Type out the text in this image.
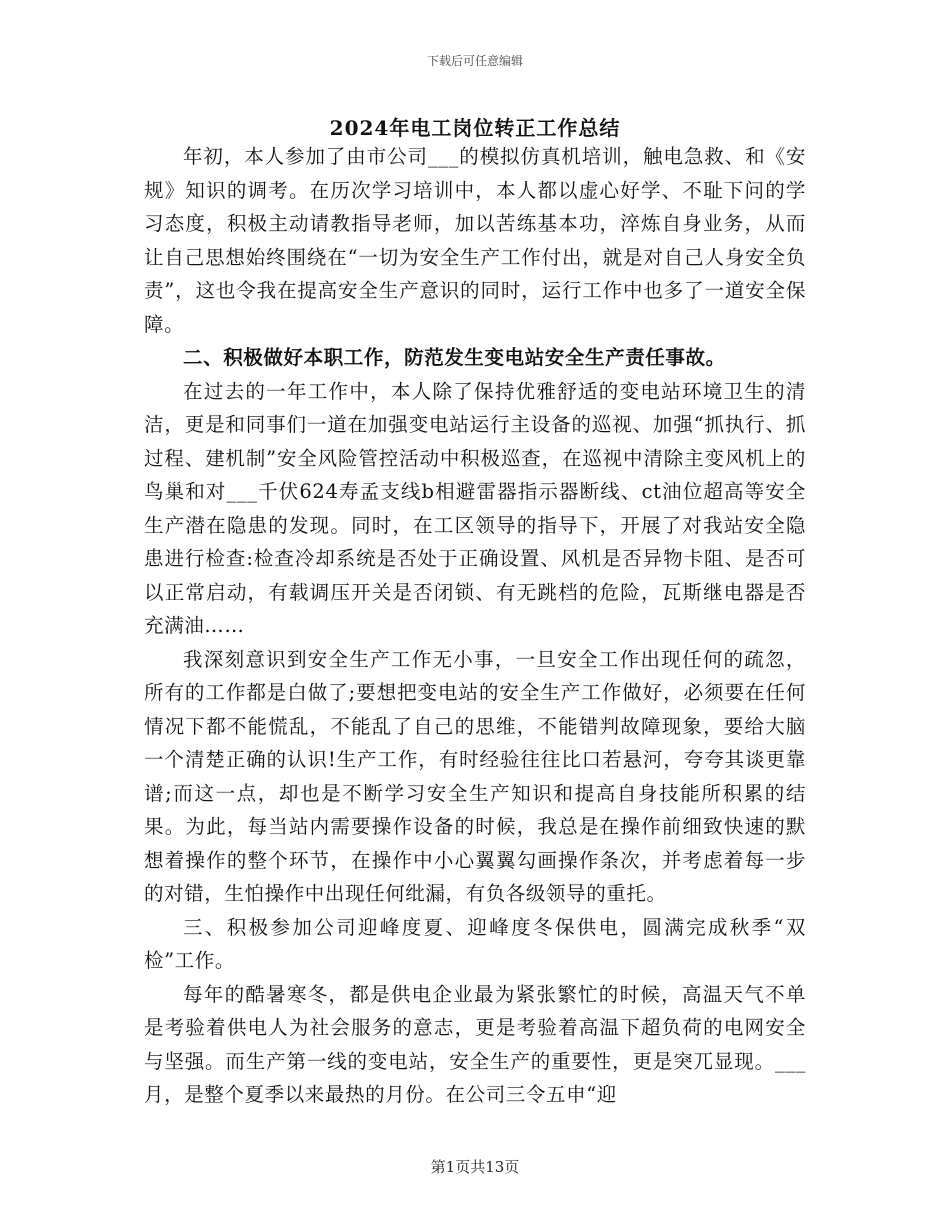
下载后可任意编辑
2024年电工岗位转正工作总结

年初，本人参加了由市公司___的模拟仿真机培训，触电急救、和《安规》知识的调考。在历次学习培训中，本人都以虚心好学、不耻下问的学习态度，积极主动请教指导老师，加以苦练基本功，淬炼自身业务，从而让自己思想始终围绕在“一切为安全生产工作付出，就是对自己人身安全负责”，这也令我在提高安全生产意识的同时，运行工作中也多了一道安全保障。

二、积极做好本职工作，防范发生变电站安全生产责任事故。

在过去的一年工作中，本人除了保持优雅舒适的变电站环境卫生的清洁，更是和同事们一道在加强变电站运行主设备的巡视、加强“抓执行、抓过程、建机制”安全风险管控活动中积极巡查，在巡视中清除主变风机上的鸟巢和对___千伏624寿孟支线b相避雷器指示器断线、ct油位超高等安全生产潜在隐患的发现。同时，在工区领导的指导下，开展了对我站安全隐患进行检查:检查冷却系统是否处于正确设置、风机是否异物卡阻、是否可以正常启动，有载调压开关是否闭锁、有无跳档的危险，瓦斯继电器是否充满油……

我深刻意识到安全生产工作无小事，一旦安全工作出现任何的疏忽，所有的工作都是白做了;要想把变电站的安全生产工作做好，必须要在任何情况下都不能慌乱，不能乱了自己的思维，不能错判故障现象，要给大脑一个清楚正确的认识!生产工作，有时经验往往比口若悬河，夸夸其谈更靠谱;而这一点，却也是不断学习安全生产知识和提高自身技能所积累的结果。为此，每当站内需要操作设备的时候，我总是在操作前细致快速的默想着操作的整个环节，在操作中小心翼翼勾画操作条次，并考虑着每一步的对错，生怕操作中出现任何纰漏，有负各级领导的重托。

三、积极参加公司迎峰度夏、迎峰度冬保供电，圆满完成秋季“双检”工作。

每年的酷暑寒冬，都是供电企业最为紧张繁忙的时候，高温天气不单是考验着供电人为社会服务的意志，更是考验着高温下超负荷的电网安全与坚强。而生产第一线的变电站，安全生产的重要性，更是突兀显现。___月，是整个夏季以来最热的月份。在公司三令五申“迎

第1页共13页
